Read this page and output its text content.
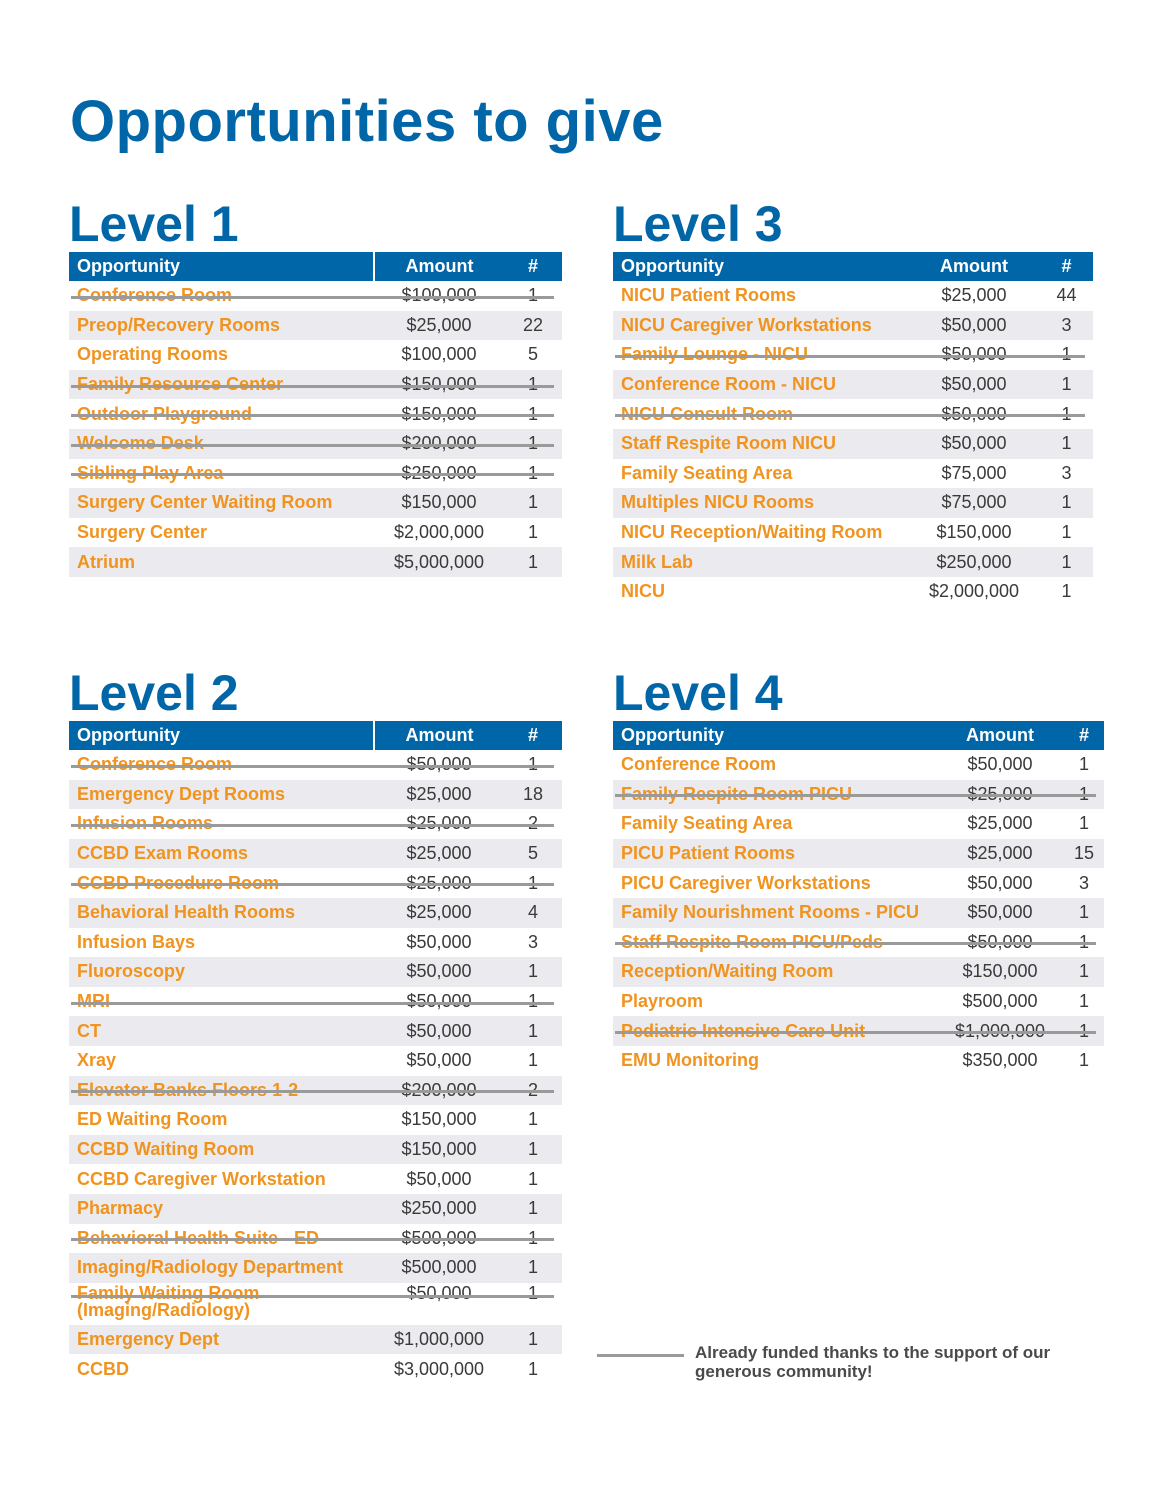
Opportunities to give
Level 1
Opportunity	Amount	#
Conference Room	$100,000	1
Preop/Recovery Rooms	$25,000	22
Operating Rooms	$100,000	5
Family Resource Center	$150,000	1
Outdoor Playground	$150,000	1
Welcome Desk	$200,000	1
Sibling Play Area	$250,000	1
Surgery Center Waiting Room	$150,000	1
Surgery Center	$2,000,000	1
Atrium	$5,000,000	1
Level 3
Opportunity	Amount	#
NICU Patient Rooms	$25,000	44
NICU Caregiver Workstations	$50,000	3
Family Lounge - NICU	$50,000	1
Conference Room - NICU	$50,000	1
NICU Consult Room	$50,000	1
Staff Respite Room NICU	$50,000	1
Family Seating Area	$75,000	3
Multiples NICU Rooms	$75,000	1
NICU Reception/Waiting Room	$150,000	1
Milk Lab	$250,000	1
NICU	$2,000,000	1
Level 2
Opportunity	Amount	#
Conference Room	$50,000	1
Emergency Dept Rooms	$25,000	18
Infusion Rooms	$25,000	2
CCBD Exam Rooms	$25,000	5
CCBD Procedure Room	$25,000	1
Behavioral Health Rooms	$25,000	4
Infusion Bays	$50,000	3
Fluoroscopy	$50,000	1
MRI	$50,000	1
CT	$50,000	1
Xray	$50,000	1
Elevator Banks Floors 1-2	$200,000	2
ED Waiting Room	$150,000	1
CCBD Waiting Room	$150,000	1
CCBD Caregiver Workstation	$50,000	1
Pharmacy	$250,000	1
Behavioral Health Suite - ED	$500,000	1
Imaging/Radiology Department	$500,000	1
Family Waiting Room (Imaging/Radiology)	$50,000	1
Emergency Dept	$1,000,000	1
CCBD	$3,000,000	1
Level 4
Opportunity	Amount	#
Conference Room	$50,000	1
Family Respite Room PICU	$25,000	1
Family Seating Area	$25,000	1
PICU Patient Rooms	$25,000	15
PICU Caregiver Workstations	$50,000	3
Family Nourishment Rooms - PICU	$50,000	1
Staff Respite Room PICU/Peds	$50,000	1
Reception/Waiting Room	$150,000	1
Playroom	$500,000	1
Pediatric Intensive Care Unit	$1,000,000	1
EMU Monitoring	$350,000	1
Already funded thanks to the support of our generous community!
